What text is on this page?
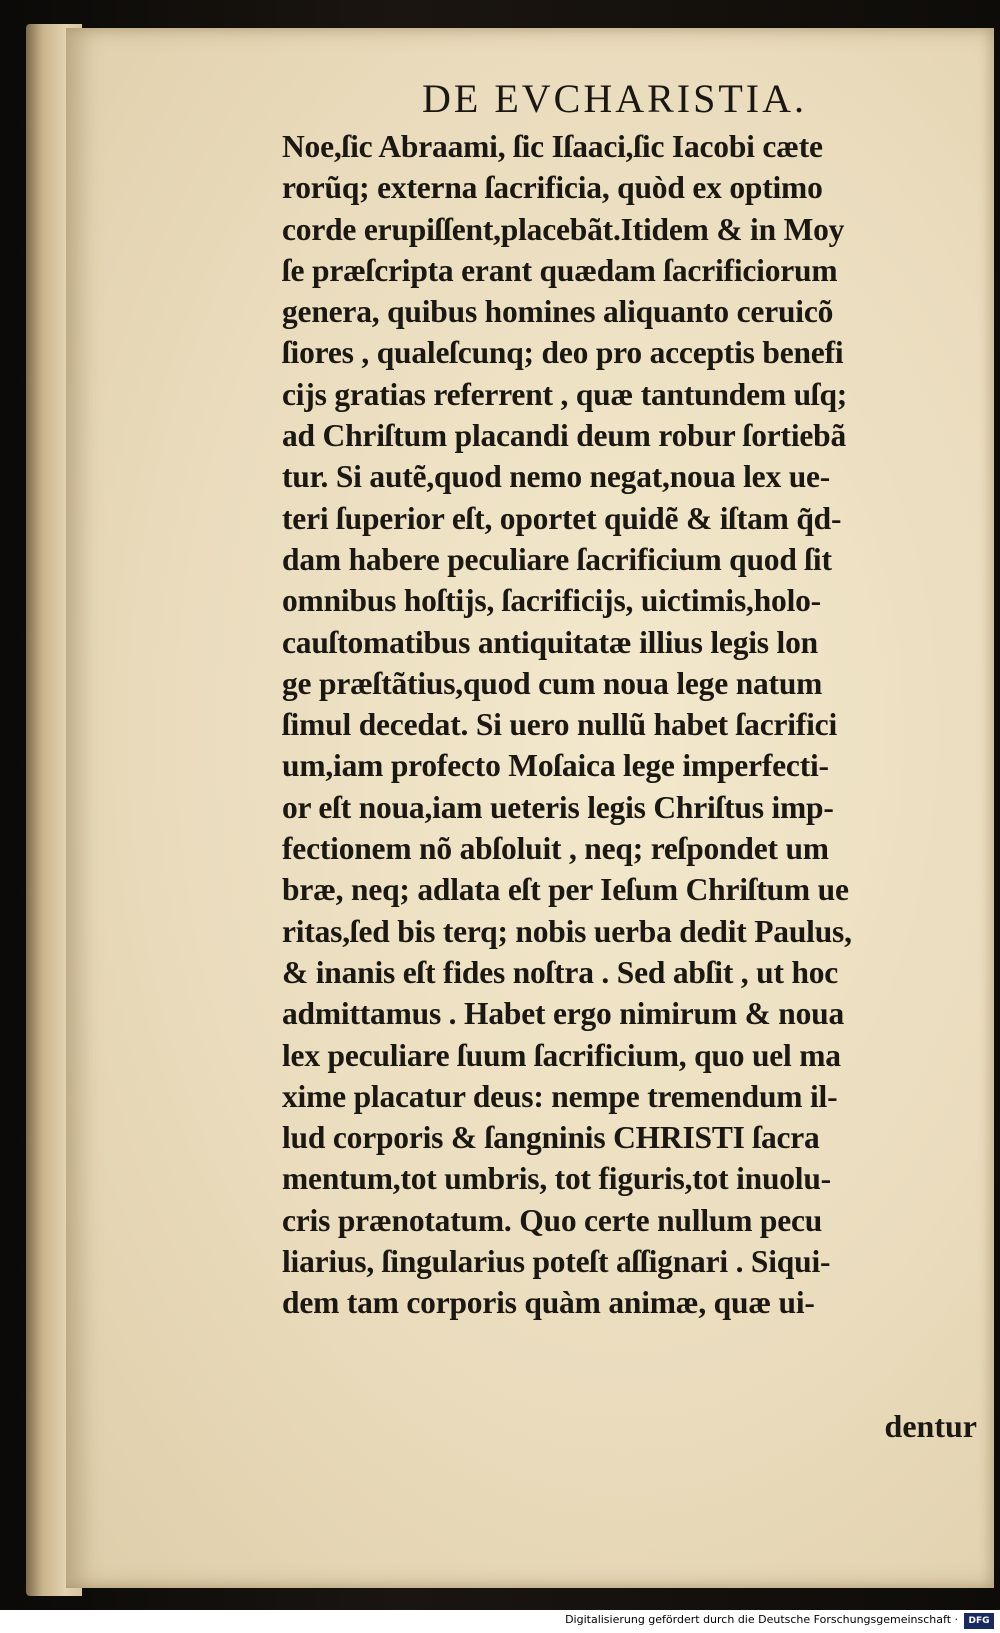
DE EVCHARISTIA.
Noe,ſic Abraami, ſic Iſaaci,ſic Iacobi cæte
rorũq; externa ſacrificia, quòd ex optimo
corde erupiſſent,placebãt.Itidem & in Moy
ſe præſcripta erant quædam ſacrificiorum
genera, quibus homines aliquanto ceruicõ
ſiores , qualeſcunq; deo pro acceptis benefi
cijs gratias referrent , quæ tantundem uſq;
ad Chriſtum placandi deum robur ſortiebã
tur. Si autẽ,quod nemo negat,noua lex ue-
teri ſuperior eſt, oportet quidẽ & iſtam q̃d-
dam habere peculiare ſacrificium quod ſit
omnibus hoſtijs, ſacrificijs, uictimis,holo-
cauſtomatibus antiquitatæ illius legis lon
ge præſtãtius,quod cum noua lege natum
ſimul decedat. Si uero nullũ habet ſacrifici
um,iam profecto Moſaica lege imperfecti-
or eſt noua,iam ueteris legis Chriſtus imp-
fectionem nõ abſoluit , neq; reſpondet um
bræ, neq; adlata eſt per Ieſum Chriſtum ue
ritas,ſed bis terq; nobis uerba dedit Paulus,
& inanis eſt fides noſtra . Sed abſit , ut hoc
admittamus . Habet ergo nimirum & noua
lex peculiare ſuum ſacrificium, quo uel ma
xime placatur deus: nempe tremendum il-
lud corporis & ſangninis CHRISTI ſacra
mentum,tot umbris, tot figuris,tot inuolu-
cris prænotatum. Quo certe nullum pecu
liarius, ſingularius poteſt aſſignari . Siqui-
dem tam corporis quàm animæ, quæ ui-
dentur
Digitalisierung gefördert durch die Deutsche Forschungsgemeinschaft ·	DFG
